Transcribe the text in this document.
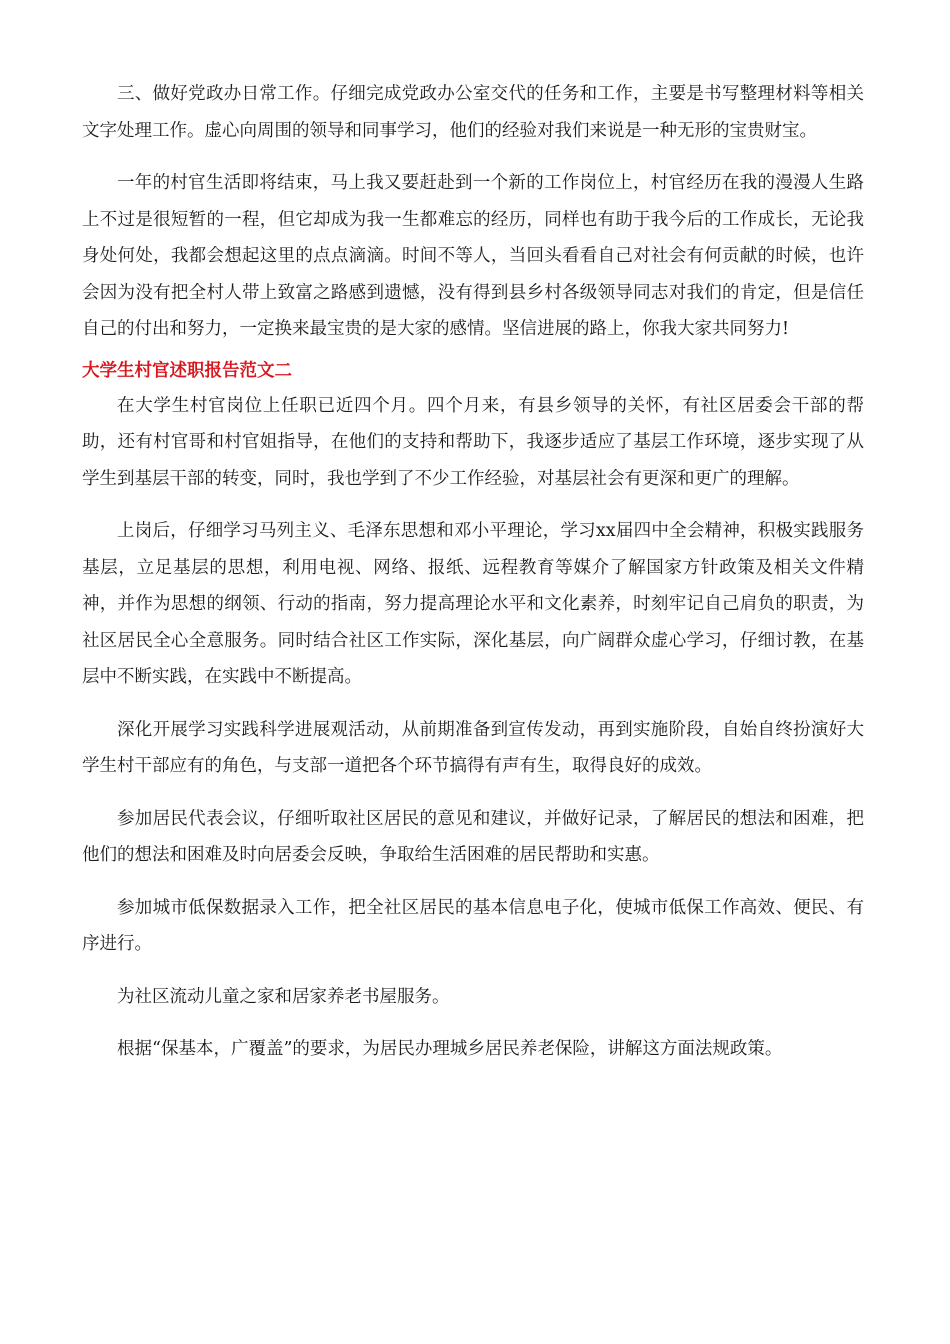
三、做好党政办日常工作。仔细完成党政办公室交代的任务和工作，主要是书写整理材料等相关文字处理工作。虚心向周围的领导和同事学习，他们的经验对我们来说是一种无形的宝贵财宝。

一年的村官生活即将结束，马上我又要赶赴到一个新的工作岗位上，村官经历在我的漫漫人生路上不过是很短暂的一程，但它却成为我一生都难忘的经历，同样也有助于我今后的工作成长，无论我身处何处，我都会想起这里的点点滴滴。时间不等人，当回头看看自己对社会有何贡献的时候，也许会因为没有把全村人带上致富之路感到遗憾，没有得到县乡村各级领导同志对我们的肯定，但是信任自己的付出和努力，一定换来最宝贵的是大家的感情。坚信进展的路上，你我大家共同努力!

大学生村官述职报告范文二

在大学生村官岗位上任职已近四个月。四个月来，有县乡领导的关怀，有社区居委会干部的帮助，还有村官哥和村官姐指导，在他们的支持和帮助下，我逐步适应了基层工作环境，逐步实现了从学生到基层干部的转变，同时，我也学到了不少工作经验，对基层社会有更深和更广的理解。

上岗后，仔细学习马列主义、毛泽东思想和邓小平理论，学习xx届四中全会精神，积极实践服务基层，立足基层的思想，利用电视、网络、报纸、远程教育等媒介了解国家方针政策及相关文件精神，并作为思想的纲领、行动的指南，努力提高理论水平和文化素养，时刻牢记自己肩负的职责，为社区居民全心全意服务。同时结合社区工作实际，深化基层，向广阔群众虚心学习，仔细讨教，在基层中不断实践，在实践中不断提高。

深化开展学习实践科学进展观活动，从前期准备到宣传发动，再到实施阶段，自始自终扮演好大学生村干部应有的角色，与支部一道把各个环节搞得有声有生，取得良好的成效。

参加居民代表会议，仔细听取社区居民的意见和建议，并做好记录，了解居民的想法和困难，把他们的想法和困难及时向居委会反映，争取给生活困难的居民帮助和实惠。

参加城市低保数据录入工作，把全社区居民的基本信息电子化，使城市低保工作高效、便民、有序进行。

为社区流动儿童之家和居家养老书屋服务。

根据“保基本，广覆盖”的要求，为居民办理城乡居民养老保险，讲解这方面法规政策。
